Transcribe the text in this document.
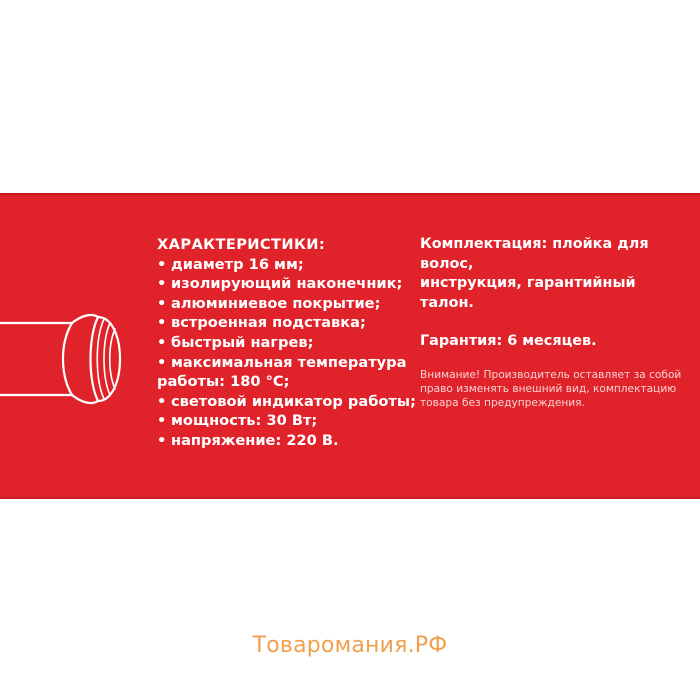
ХАРАКТЕРИСТИКИ:
• диаметр 16 мм;
• изолирующий наконечник;
• алюминиевое покрытие;
• встроенная подставка;
• быстрый нагрев;
• максимальная температура
работы: 180 °С;
• световой индикатор работы;
• мощность: 30 Вт;
• напряжение: 220 В.

Комплектация: плойка для волос,
инструкция, гарантийный талон.

Гарантия: 6 месяцев.

Внимание! Производитель оставляет за собой
право изменять внешний вид, комплектацию
товара без предупреждения.

Товаромания.РФ
